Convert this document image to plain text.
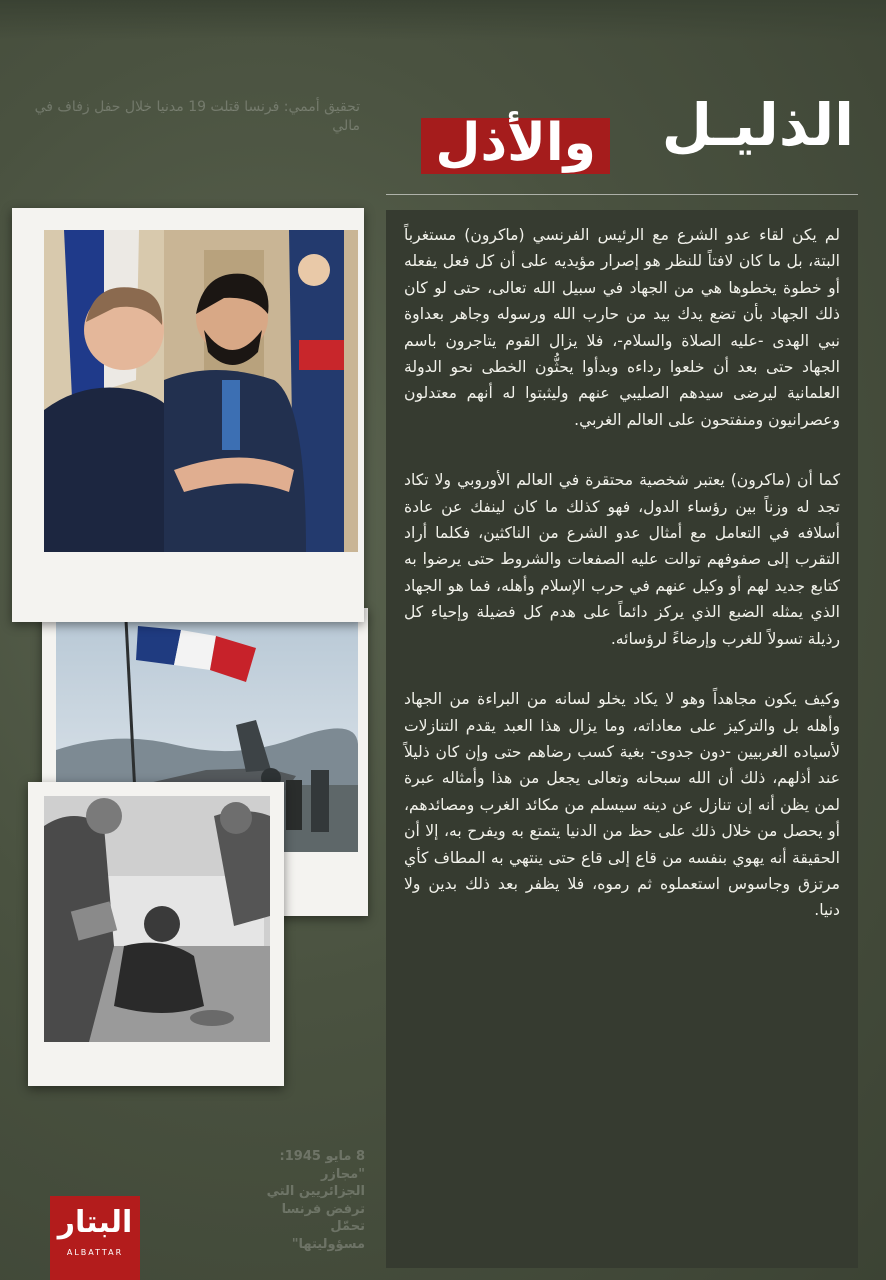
تحقيق أممي: فرنسا قتلت 19 مدنيا خلال حفل زفاف في
مالي	الذليـل
والأذل

لم يكن لقاء عدو الشرع مع الرئيس الفرنسي (ماكرون) مستغرباً البتة، بل ما كان لافتاً للنظر هو إصرار مؤيديه على أن كل فعل يفعله أو خطوة يخطوها هي من الجهاد في سبيل الله تعالى، حتى لو كان ذلك الجهاد بأن تضع يدك بيد من حارب الله ورسوله وجاهر بعداوة نبي الهدى -عليه الصلاة والسلام-، فلا يزال القوم يتاجرون باسم الجهاد حتى بعد أن خلعوا رداءه وبدأوا يحثُّون الخطى نحو الدولة العلمانية ليرضى سيدهم الصليبي عنهم وليثبتوا له أنهم معتدلون وعصرانيون ومنفتحون على العالم الغربي.

كما أن (ماكرون) يعتبر شخصية محتقرة في العالم الأوروبي ولا تكاد تجد له وزناً بين رؤساء الدول، فهو كذلك ما كان لينفك عن عادة أسلافه في التعامل مع أمثال عدو الشرع من الناكثين، فكلما أراد التقرب إلى صفوفهم توالت عليه الصفعات والشروط حتى يرضوا به كتابع جديد لهم أو وكيل عنهم في حرب الإسلام وأهله، فما هو الجهاد الذي يمثله الضبع الذي يركز دائماً على هدم كل فضيلة وإحياء كل رذيلة تسولاً للغرب وإرضاءً لرؤسائه.

وكيف يكون مجاهداً وهو لا يكاد يخلو لسانه من البراءة من الجهاد وأهله بل والتركيز على معاداته، وما يزال هذا العبد يقدم التنازلات لأسياده الغربيين -دون جدوى- بغية كسب رضاهم حتى وإن كان ذليلاً عند أذلهم، ذلك أن الله سبحانه وتعالى يجعل من هذا وأمثاله عبرة لمن يظن أنه إن تنازل عن دينه سيسلم من مكائد الغرب ومصائدهم، أو يحصل من خلال ذلك على حظ من الدنيا يتمتع به ويفرح به، إلا أن الحقيقة أنه يهوي بنفسه من قاع إلى قاع حتى ينتهي به المطاف كأي مرتزق وجاسوس استعملوه ثم رموه، فلا يظفر بعد ذلك بدين ولا دنيا.

8 مايو 1945: "مجازر الجزائريين التي
ترفض فرنسا تحمّل مسؤوليتها"
البتار
ALBATTAR
